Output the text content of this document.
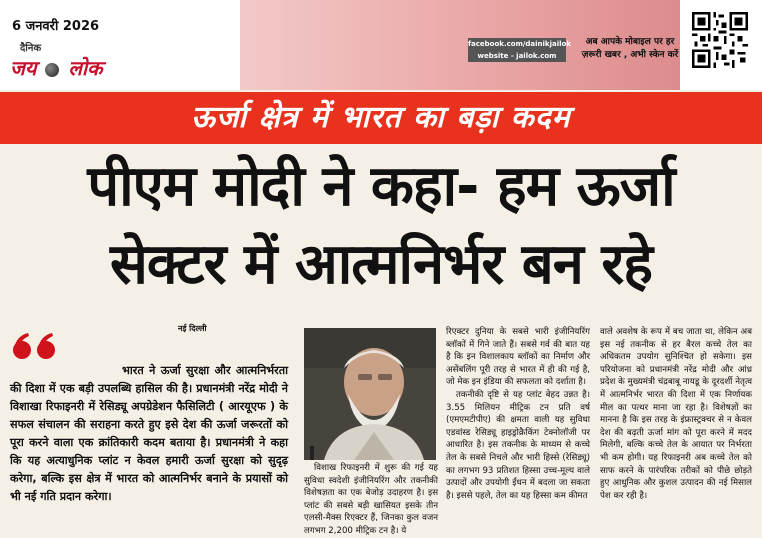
6 जनवरी 2026
दैनिक
जय लोक
facebook.com/dainikjailok
website - jailok.com
अब आपके मोबाइल पर हर
ज़रूरी खबर , अभी स्केन करें
ऊर्जा क्षेत्र में भारत का बड़ा कदम
पीएम मोदी ने कहा- हम ऊर्जा
सेक्टर में आत्मनिर्भर बन रहे
नई दिल्ली

भारत ने ऊर्जा सुरक्षा और आत्मनिर्भरता की दिशा में एक बड़ी उपलब्धि हासिल की है। प्रधानमंत्री नरेंद्र मोदी ने विशाखा रिफाइनरी में रेसिड्यू अपग्रेडेशन फैसिलिटी ( आरयूएफ ) के सफल संचालन की सराहना करते हुए इसे देश की ऊर्जा जरूरतों को पूरा करने वाला एक क्रांतिकारी कदम बताया है। प्रधानमंत्री ने कहा कि यह अत्याधुनिक प्लांट न केवल हमारी ऊर्जा सुरक्षा को सुदृढ़ करेगा, बल्कि इस क्षेत्र में भारत को आत्मनिर्भर बनाने के प्रयासों को भी नई गति प्रदान करेगा।

विशाख रिफाइनरी में शुरू की गई यह सुविधा स्वदेशी इंजीनियरिंग और तकनीकी विशेषज्ञता का एक बेजोड़ उदाहरण है। इस प्लांट की सबसे बड़ी खासियत इसके तीन एलसी-मैक्स रिएक्टर हैं, जिनका कुल वजन लगभग 2,200 मीट्रिक टन है। ये

रिएक्टर दुनिया के सबसे भारी इंजीनियरिंग ब्लॉकों में गिने जाते हैं। सबसे गर्व की बात यह है कि इन विशालकाय ब्लॉकों का निर्माण और असेंबलिंग पूरी तरह से भारत में ही की गई है, जो मेक इन इंडिया की सफलता को दर्शाता है।

तकनीकी दृष्टि से यह प्लांट बेहद उन्नत है। 3.55 मिलियन मीट्रिक टन प्रति वर्ष (एमएमटीपीए) की क्षमता वाली यह सुविधा एडवांस्ड रेसिड्यू हाइड्रोक्रैकिंग टेक्नोलॉजी पर आधारित है। इस तकनीक के माध्यम से कच्चे तेल के सबसे निचले और भारी हिस्से (रेसिड्यू) का लगभग 93 प्रतिशत हिस्सा उच्च-मूल्य वाले उत्पादों और उपयोगी ईंधन में बदला जा सकता है। इससे पहले, तेल का यह हिस्सा कम कीमत

वाले अवशेष के रूप में बच जाता था, लेकिन अब इस नई तकनीक से हर बैरल कच्चे तेल का अधिकतम उपयोग सुनिश्चित हो सकेगा। इस परियोजना को प्रधानमंत्री नरेंद्र मोदी और आंध्र प्रदेश के मुख्यमंत्री चंद्रबाबू नायडू के दूरदर्शी नेतृत्व में आत्मनिर्भर भारत की दिशा में एक निर्णायक मील का पत्थर माना जा रहा है। विशेषज्ञों का मानना है कि इस तरह के इंफ्रास्ट्रक्चर से न केवल देश की बढ़ती ऊर्जा मांग को पूरा करने में मदद मिलेगी, बल्कि कच्चे तेल के आयात पर निर्भरता भी कम होगी। यह रिफाइनरी अब कच्चे तेल को साफ करने के पारंपरिक तरीकों को पीछे छोड़ते हुए आधुनिक और कुशल उत्पादन की नई मिसाल पेश कर रही है।
